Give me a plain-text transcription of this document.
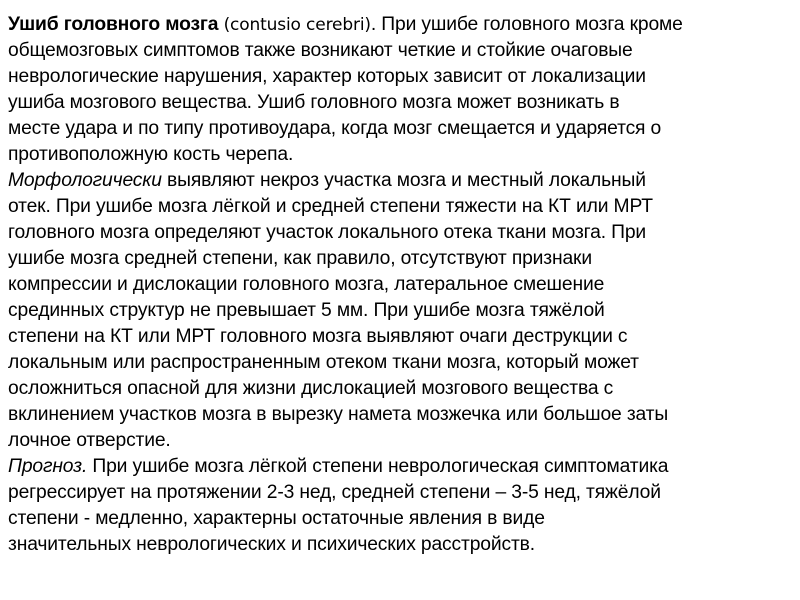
Ушиб головного мозга (contusio cerebri). При ушибе головного мозга кроме
общемозговых симптомов также возникают четкие и стойкие очаговые
неврологические нарушения, характер которых зависит от локализации
ушиба мозгового вещества. Ушиб головного мозга может возникать в
месте удара и по типу противоудара, когда мозг смещается и ударяется о
противоположную кость черепа.
Морфологически выявляют некроз участка мозга и местный локальный
отек. При ушибе мозга лёгкой и средней степени тяжести на КТ или МРТ
головного мозга определяют участок локального отека ткани мозга. При
ушибе мозга средней степени, как правило, отсутствуют признаки
компрессии и дислокации головного мозга, латеральное смешение
срединных структур не превышает 5 мм. При ушибе мозга тяжёлой
степени на КТ или МРТ головного мозга выявляют очаги деструкции с
локальным или распространенным отеком ткани мозга, который может
осложниться опасной для жизни дислокацией мозгового вещества с
вклинением участков мозга в вырезку намета мозжечка или большое заты
лочное отверстие.
Прогноз. При ушибе мозга лёгкой степени неврологическая симптоматика
регрессирует на протяжении 2-3 нед, средней степени – 3-5 нед, тяжёлой
степени - медленно, характерны остаточные явления в виде
значительных неврологических и психических расстройств.
